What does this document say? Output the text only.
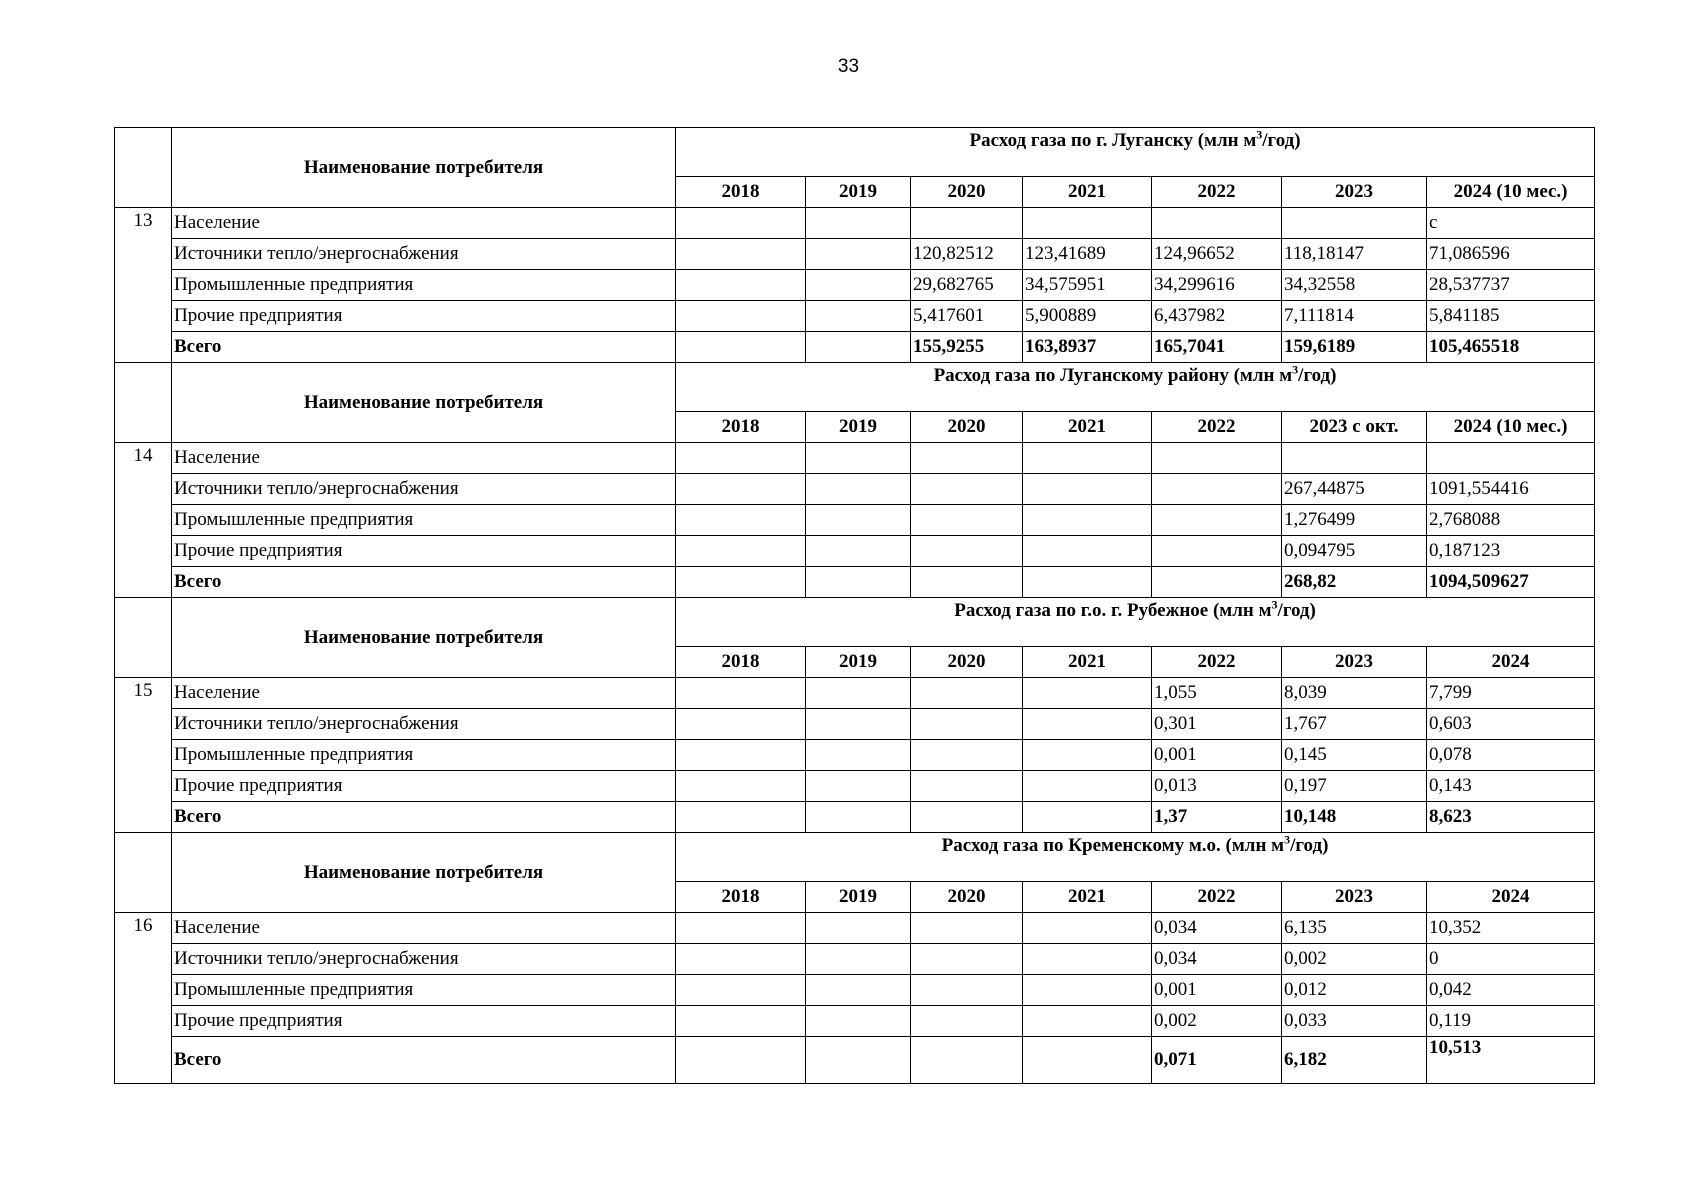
33
	Наименование потребителя	Расход газа по г. Луганску (млн $м^3/год$)						
		2018	2019	2020	2021	2022	2023	2024 (10 мес.)
13	Население							с
	Источники тепло/энергоснабжения			120,82512	123,41689	124,96652	118,18147	71,086596
	Промышленные предприятия			29,682765	34,575951	34,299616	34,32558	28,537737
	Прочие предприятия			5,417601	5,900889	6,437982	7,111814	5,841185
	Всего			155,9255	163,8937	165,7041	159,6189	105,465518
	Наименование потребителя	Расход газа по Луганскому району (млн $м^3/год$)						
		2018	2019	2020	2021	2022	2023 с окт.	2024 (10 мес.)
14	Население							
	Источники тепло/энергоснабжения						267,44875	1091,554416
	Промышленные предприятия						1,276499	2,768088
	Прочие предприятия						0,094795	0,187123
	Всего						268,82	1094,509627
	Наименование потребителя	Расход газа по г.о. г. Рубежное (млн $м^3/год$)						
		2018	2019	2020	2021	2022	2023	2024
15	Население					1,055	8,039	7,799
	Источники тепло/энергоснабжения					0,301	1,767	0,603
	Промышленные предприятия					0,001	0,145	0,078
	Прочие предприятия					0,013	0,197	0,143
	Всего					1,37	10,148	8,623
	Наименование потребителя	Расход газа по Кременскому м.о. (млн $м^3/год$)						
		2018	2019	2020	2021	2022	2023	2024
16	Население					0,034	6,135	10,352
	Источники тепло/энергоснабжения					0,034	0,002	0
	Промышленные предприятия					0,001	0,012	0,042
	Прочие предприятия					0,002	0,033	0,119
	Всего					0,071	6,182	10,513
